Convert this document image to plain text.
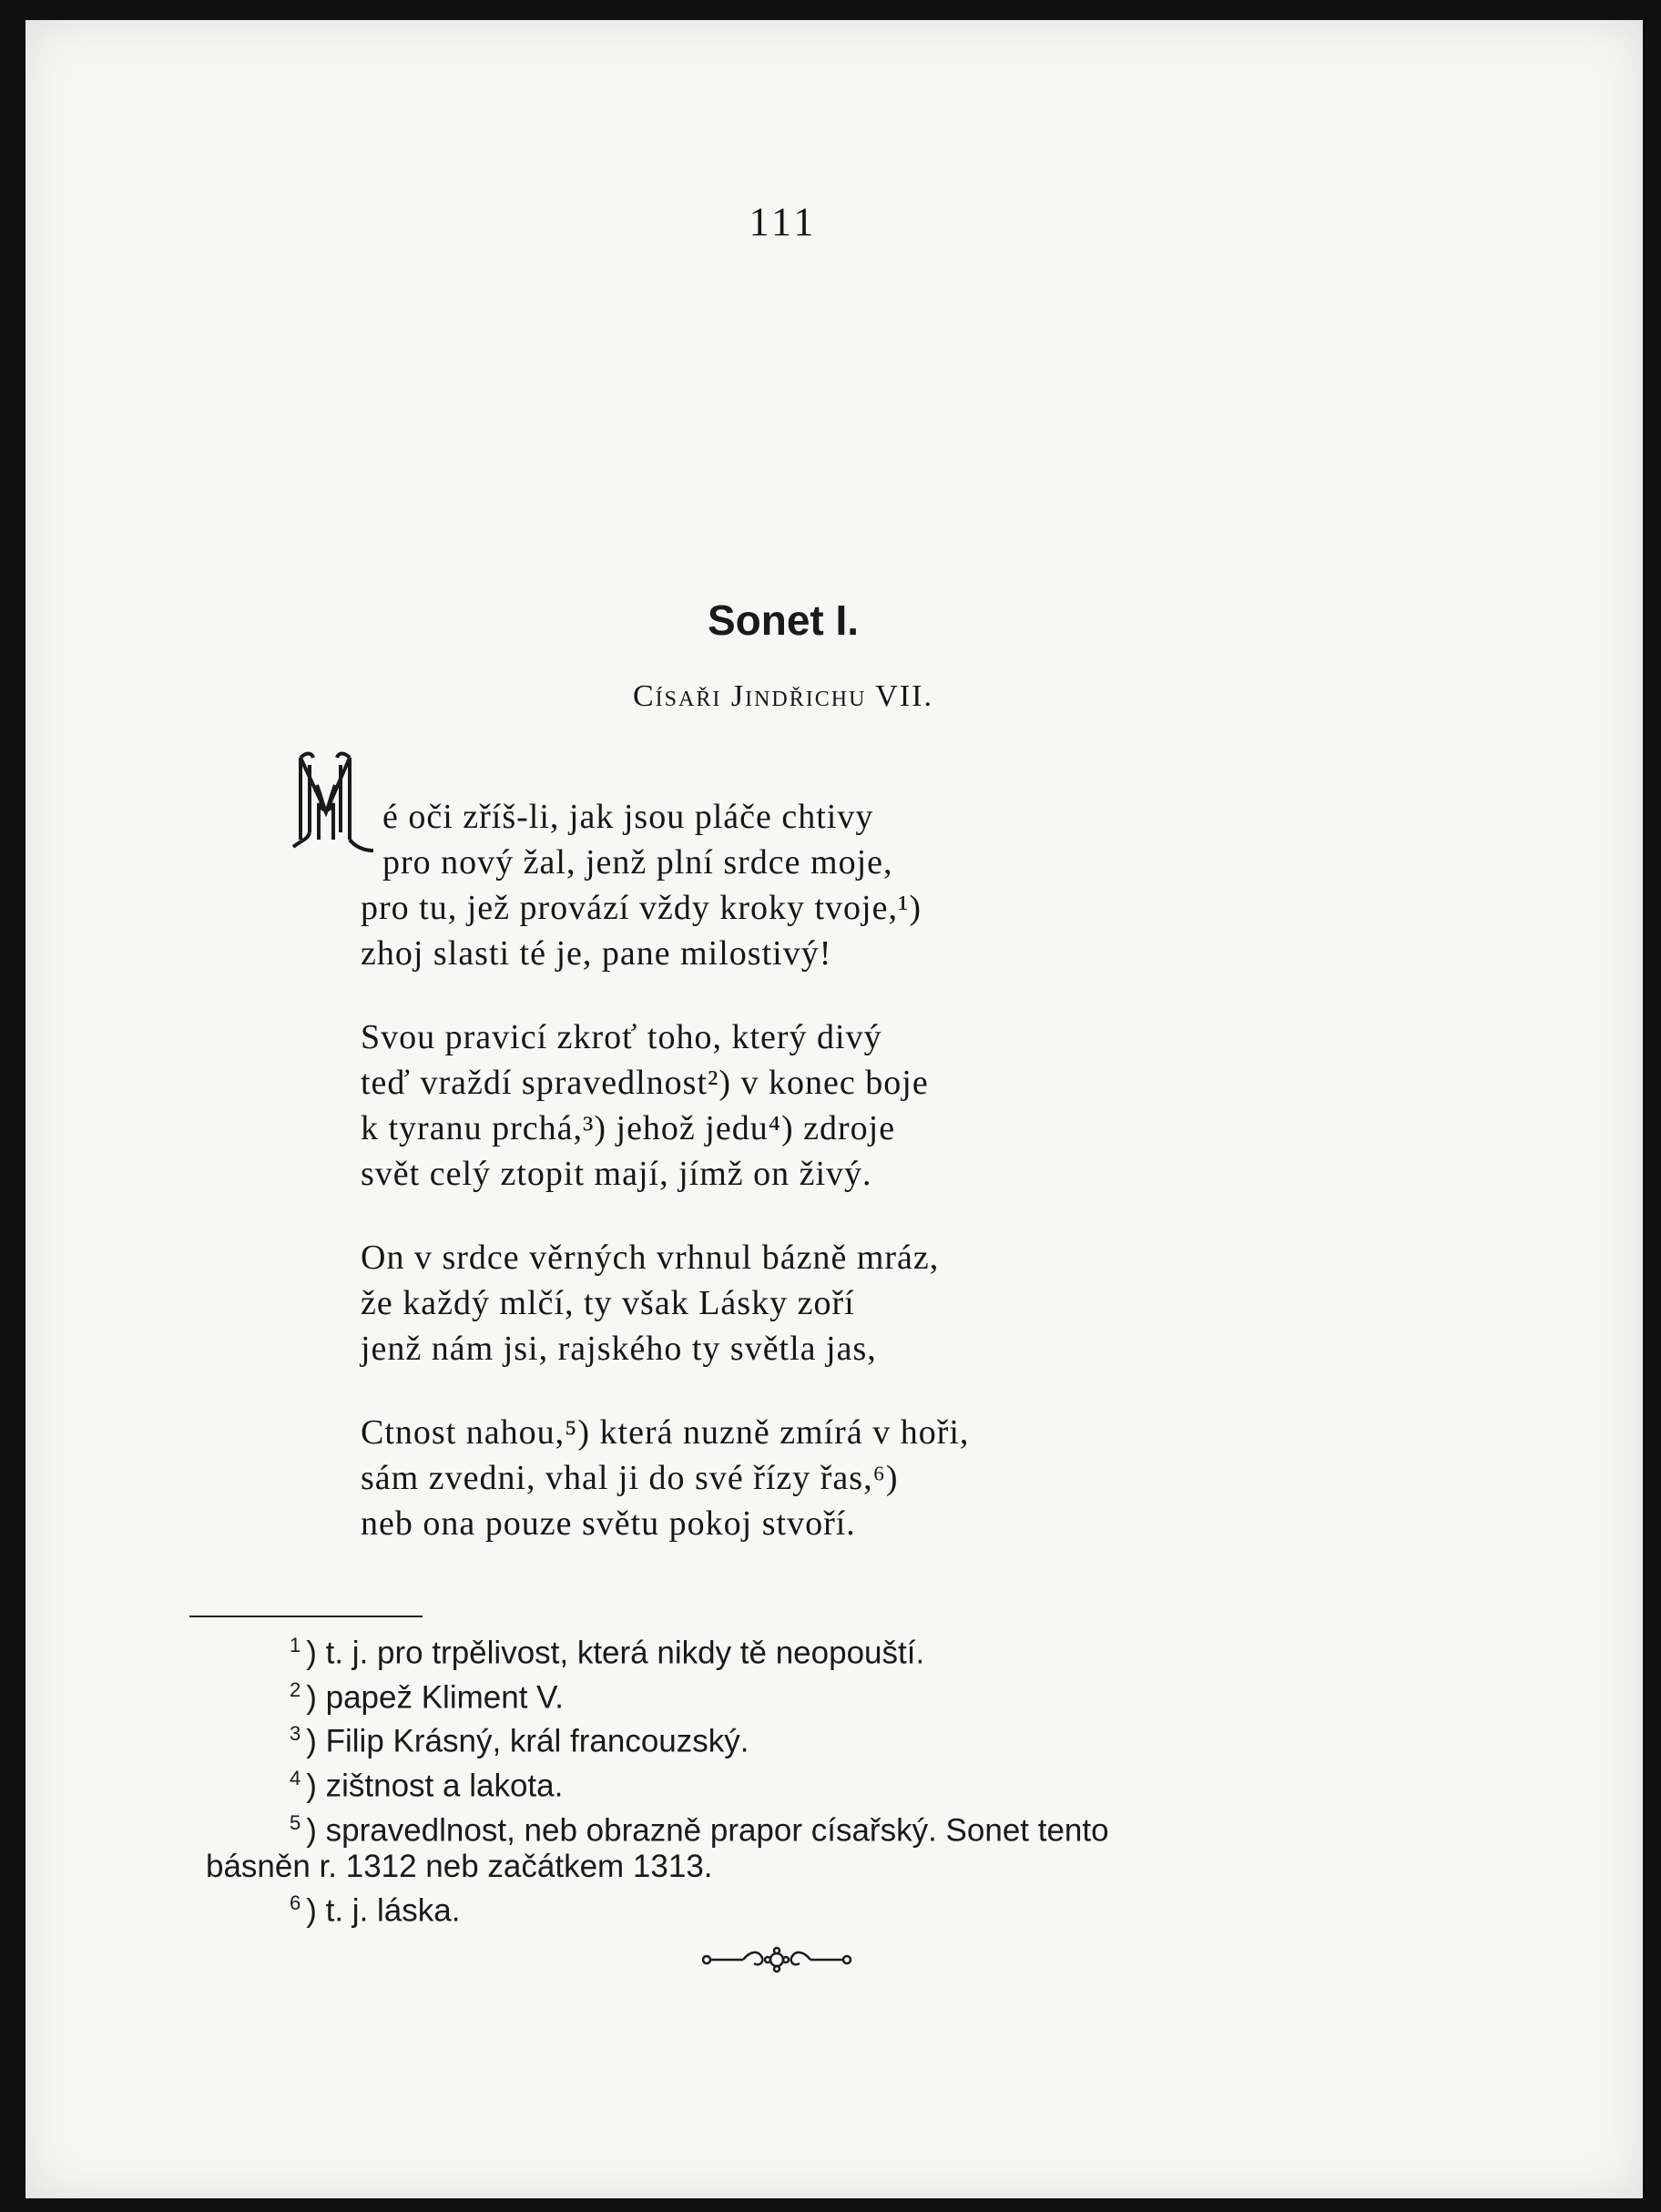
111
Sonet I.
Císaři Jindřichu VII.
é oči zříš-li, jak jsou pláče chtivy
pro nový žal, jenž plní srdce moje,
pro tu, jež provází vždy kroky tvoje,¹)
zhoj slasti té je, pane milostivý!
Svou pravicí zkroť toho, který divý
teď vraždí spravedlnost²) v konec boje
k tyranu prchá,³) jehož jedu⁴) zdroje
svět celý ztopit mají, jímž on živý.
On v srdce věrných vrhnul bázně mráz,
že každý mlčí, ty však Lásky zoří
jenž nám jsi, rajského ty světla jas,
Ctnost nahou,⁵) která nuzně zmírá v hoři,
sám zvedni, vhal ji do své řízy řas,⁶)
neb ona pouze světu pokoj stvoří.
$^1$ ) t. j. pro trpělivost, která nikdy tě neopouští.
$^2$ ) papež Kliment V.
$^3$ ) Filip Krásný, král francouzský.
$^4$ ) zištnost a lakota.
$^5$ ) spravedlnost, neb obrazně prapor císařský. Sonet tento
básněn r. 1312 neb začátkem 1313.
$^6$ ) t. j. láska.
